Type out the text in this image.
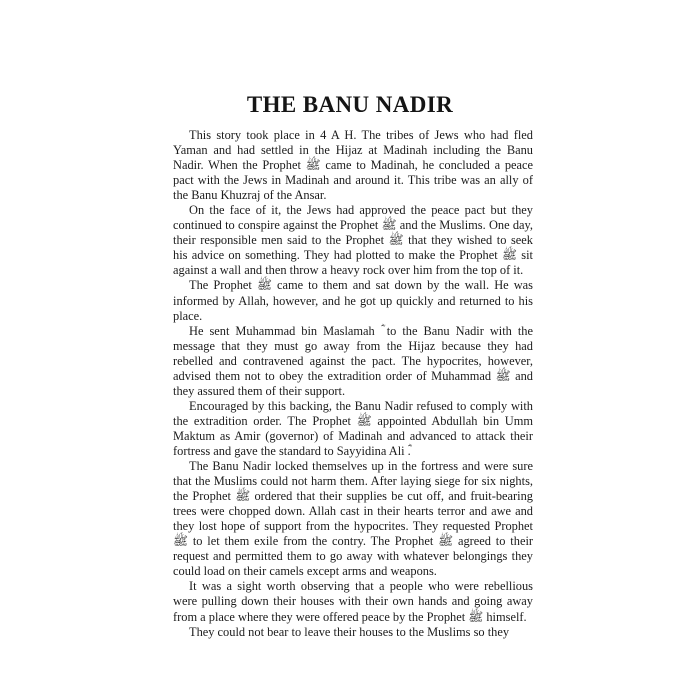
THE BANU NADIR

This story took place in 4 A H. The tribes of Jews who had fled Yaman and had settled in the Hijaz at Madinah including the Banu Nadir. When the Prophet ﷺ came to Madinah, he concluded a peace pact with the Jews in Madinah and around it. This tribe was an ally of the Banu Khuzraj of the Ansar.

On the face of it, the Jews had approved the peace pact but they continued to conspire against the Prophet ﷺ and the Muslims. One day, their responsible men said to the Prophet ﷺ that they wished to seek his advice on something. They had plotted to make the Prophet ﷺ sit against a wall and then throw a heavy rock over him from the top of it.

The Prophet ﷺ came to them and sat down by the wall. He was informed by Allah, however, and he got up quickly and returned to his place.

He sent Muhammad bin Maslamah ؓ to the Banu Nadir with the message that they must go away from the Hijaz because they had rebelled and contravened against the pact. The hypocrites, however, advised them not to obey the extradition order of Muhammad ﷺ and they assured them of their support.

Encouraged by this backing, the Banu Nadir refused to comply with the extradition order. The Prophet ﷺ appointed Abdullah bin Umm Maktum as Amir (governor) of Madinah and advanced to attack their fortress and gave the standard to Sayyidina Ali ؓ.

The Banu Nadir locked themselves up in the fortress and were sure that the Muslims could not harm them. After laying siege for six nights, the Prophet ﷺ ordered that their supplies be cut off, and fruit-bearing trees were chopped down. Allah cast in their hearts terror and awe and they lost hope of support from the hypocrites. They requested Prophet ﷺ to let them exile from the contry. The Prophet ﷺ agreed to their request and permitted them to go away with whatever belongings they could load on their camels except arms and weapons.

It was a sight worth observing that a people who were rebellious were pulling down their houses with their own hands and going away from a place where they were offered peace by the Prophet ﷺ himself.

They could not bear to leave their houses to the Muslims so they
